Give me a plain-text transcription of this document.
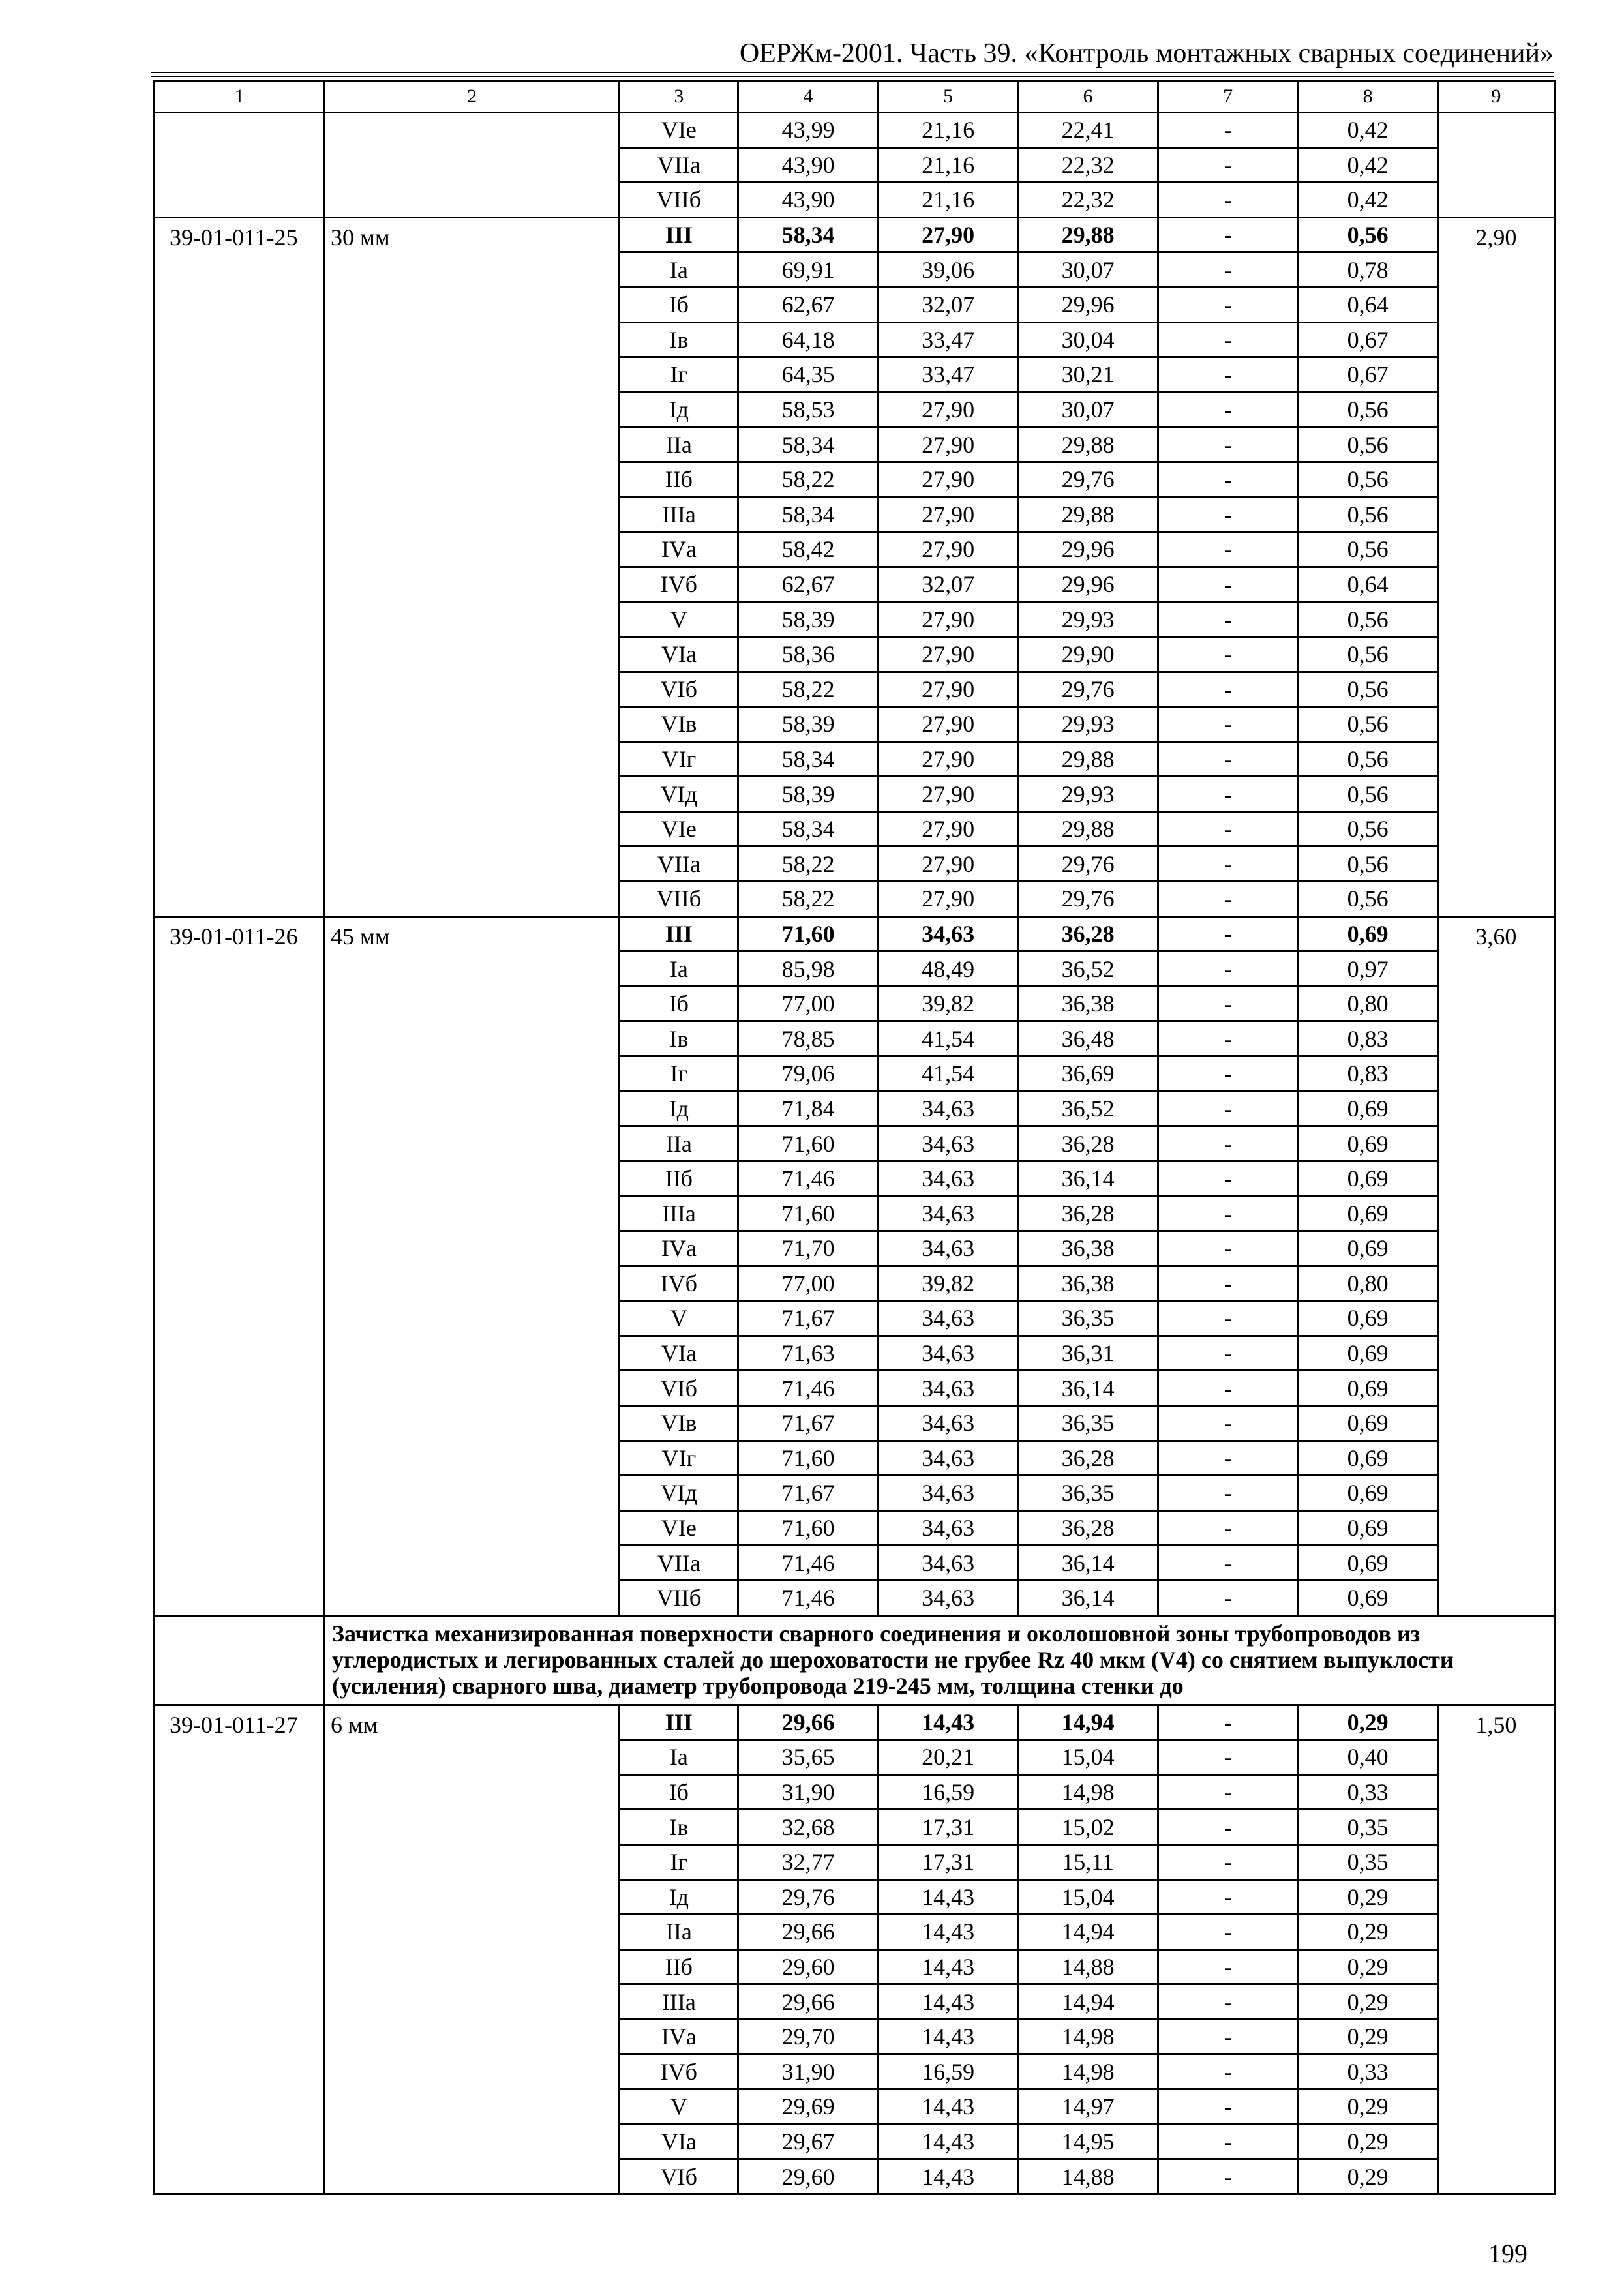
ОЕРЖм-2001. Часть 39. «Контроль монтажных сварных соединений»
1	2	3	4	5	6	7	8	9
		VIе	43,99	21,16	22,41	-	0,42	
		VIIа	43,90	21,16	22,32	-	0,42	
		VIIб	43,90	21,16	22,32	-	0,42	
39-01-011-25	30 мм	III	58,34	27,90	29,88	-	0,56	2,90
		Iа	69,91	39,06	30,07	-	0,78	
		Iб	62,67	32,07	29,96	-	0,64	
		Iв	64,18	33,47	30,04	-	0,67	
		Iг	64,35	33,47	30,21	-	0,67	
		Iд	58,53	27,90	30,07	-	0,56	
		IIа	58,34	27,90	29,88	-	0,56	
		IIб	58,22	27,90	29,76	-	0,56	
		IIIа	58,34	27,90	29,88	-	0,56	
		IVа	58,42	27,90	29,96	-	0,56	
		IVб	62,67	32,07	29,96	-	0,64	
		V	58,39	27,90	29,93	-	0,56	
		VIа	58,36	27,90	29,90	-	0,56	
		VIб	58,22	27,90	29,76	-	0,56	
		VIв	58,39	27,90	29,93	-	0,56	
		VIг	58,34	27,90	29,88	-	0,56	
		VIд	58,39	27,90	29,93	-	0,56	
		VIе	58,34	27,90	29,88	-	0,56	
		VIIа	58,22	27,90	29,76	-	0,56	
		VIIб	58,22	27,90	29,76	-	0,56	
39-01-011-26	45 мм	III	71,60	34,63	36,28	-	0,69	3,60
		Iа	85,98	48,49	36,52	-	0,97	
		Iб	77,00	39,82	36,38	-	0,80	
		Iв	78,85	41,54	36,48	-	0,83	
		Iг	79,06	41,54	36,69	-	0,83	
		Iд	71,84	34,63	36,52	-	0,69	
		IIа	71,60	34,63	36,28	-	0,69	
		IIб	71,46	34,63	36,14	-	0,69	
		IIIа	71,60	34,63	36,28	-	0,69	
		IVа	71,70	34,63	36,38	-	0,69	
		IVб	77,00	39,82	36,38	-	0,80	
		V	71,67	34,63	36,35	-	0,69	
		VIа	71,63	34,63	36,31	-	0,69	
		VIб	71,46	34,63	36,14	-	0,69	
		VIв	71,67	34,63	36,35	-	0,69	
		VIг	71,60	34,63	36,28	-	0,69	
		VIд	71,67	34,63	36,35	-	0,69	
		VIе	71,60	34,63	36,28	-	0,69	
		VIIа	71,46	34,63	36,14	-	0,69	
		VIIб	71,46	34,63	36,14	-	0,69	
	Зачистка механизированная поверхности сварного соединения и околошовной зоны трубопроводов из углеродистых и легированных сталей до шероховатости не грубее Rz 40 мкм (V4) со снятием выпуклости (усиления) сварного шва, диаметр трубопровода 219-245 мм, толщина стенки до							
39-01-011-27	6 мм	III	29,66	14,43	14,94	-	0,29	1,50
		Iа	35,65	20,21	15,04	-	0,40	
		Iб	31,90	16,59	14,98	-	0,33	
		Iв	32,68	17,31	15,02	-	0,35	
		Iг	32,77	17,31	15,11	-	0,35	
		Iд	29,76	14,43	15,04	-	0,29	
		IIа	29,66	14,43	14,94	-	0,29	
		IIб	29,60	14,43	14,88	-	0,29	
		IIIа	29,66	14,43	14,94	-	0,29	
		IVа	29,70	14,43	14,98	-	0,29	
		IVб	31,90	16,59	14,98	-	0,33	
		V	29,69	14,43	14,97	-	0,29	
		VIа	29,67	14,43	14,95	-	0,29	
		VIб	29,60	14,43	14,88	-	0,29	
199
